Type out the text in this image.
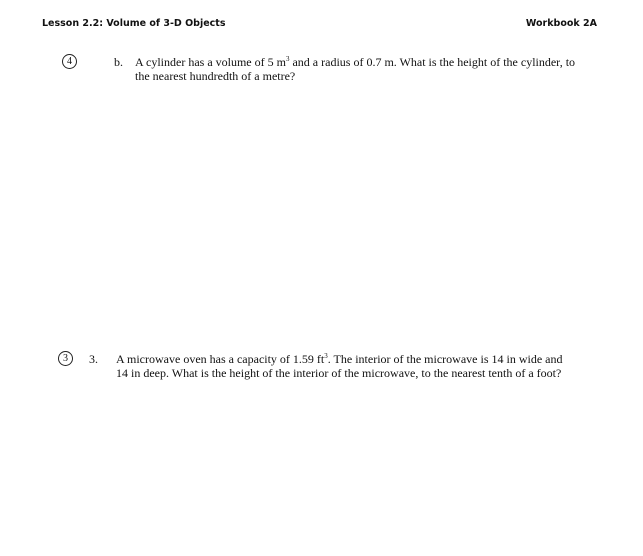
Lesson 2.2: Volume of 3-D Objects	Workbook 2A
4	b. A cylinder has a volume of 5 $m^3$ and a radius of 0.7 m. What is the height of the cylinder, to
the nearest hundredth of a metre?
3	3. A microwave oven has a capacity of 1.59 $ft^3$. The interior of the microwave is 14 in wide and
14 in deep. What is the height of the interior of the microwave, to the nearest tenth of a foot?
